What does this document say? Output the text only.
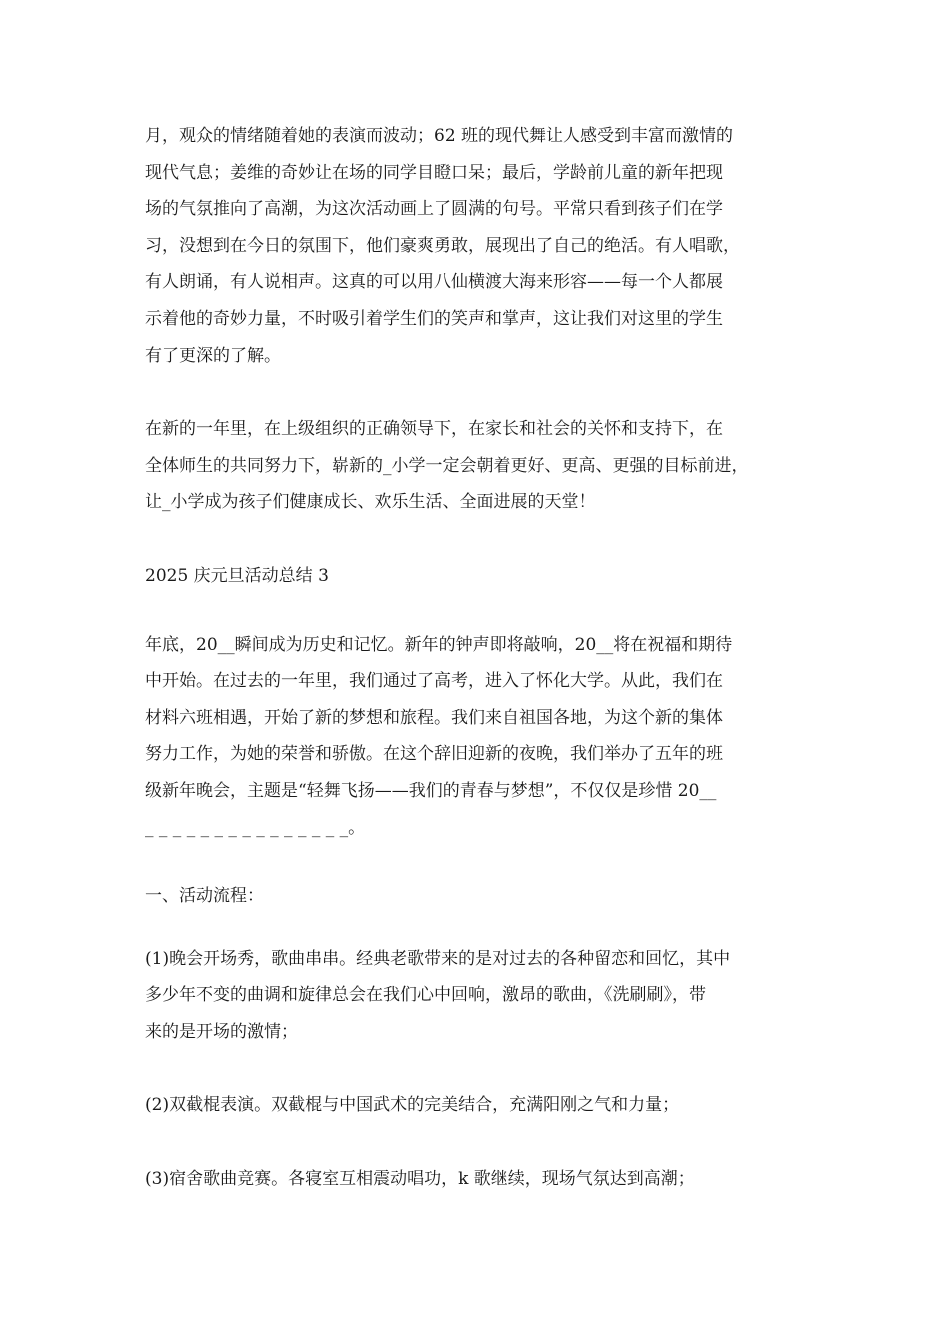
月，观众的情绪随着她的表演而波动；62 班的现代舞让人感受到丰富而激情的
现代气息；姜维的奇妙让在场的同学目瞪口呆；最后，学龄前儿童的新年把现
场的气氛推向了高潮，为这次活动画上了圆满的句号。平常只看到孩子们在学
习，没想到在今日的氛围下，他们豪爽勇敢，展现出了自己的绝活。有人唱歌，
有人朗诵，有人说相声。这真的可以用八仙横渡大海来形容——每一个人都展
示着他的奇妙力量，不时吸引着学生们的笑声和掌声，这让我们对这里的学生
有了更深的了解。

在新的一年里，在上级组织的正确领导下，在家长和社会的关怀和支持下，在
全体师生的共同努力下，崭新的_小学一定会朝着更好、更高、更强的目标前进，
让_小学成为孩子们健康成长、欢乐生活、全面进展的天堂！

2025 庆元旦活动总结 3

年底，20__瞬间成为历史和记忆。新年的钟声即将敲响，20__将在祝福和期待
中开始。在过去的一年里，我们通过了高考，进入了怀化大学。从此，我们在
材料六班相遇，开始了新的梦想和旅程。我们来自祖国各地，为这个新的集体
努力工作，为她的荣誉和骄傲。在这个辞旧迎新的夜晚，我们举办了五年的班
级新年晚会，主题是“轻舞飞扬——我们的青春与梦想”，不仅仅是珍惜 20__
_ _ _ _ _ _ _ _ _ _ _ _ _ _ _。

一、活动流程：

(1)晚会开场秀，歌曲串串。经典老歌带来的是对过去的各种留恋和回忆，其中
多少年不变的曲调和旋律总会在我们心中回响，激昂的歌曲，《洗刷刷》，带
来的是开场的激情；

(2)双截棍表演。双截棍与中国武术的完美结合，充满阳刚之气和力量；

(3)宿舍歌曲竞赛。各寝室互相震动唱功，k 歌继续，现场气氛达到高潮；
